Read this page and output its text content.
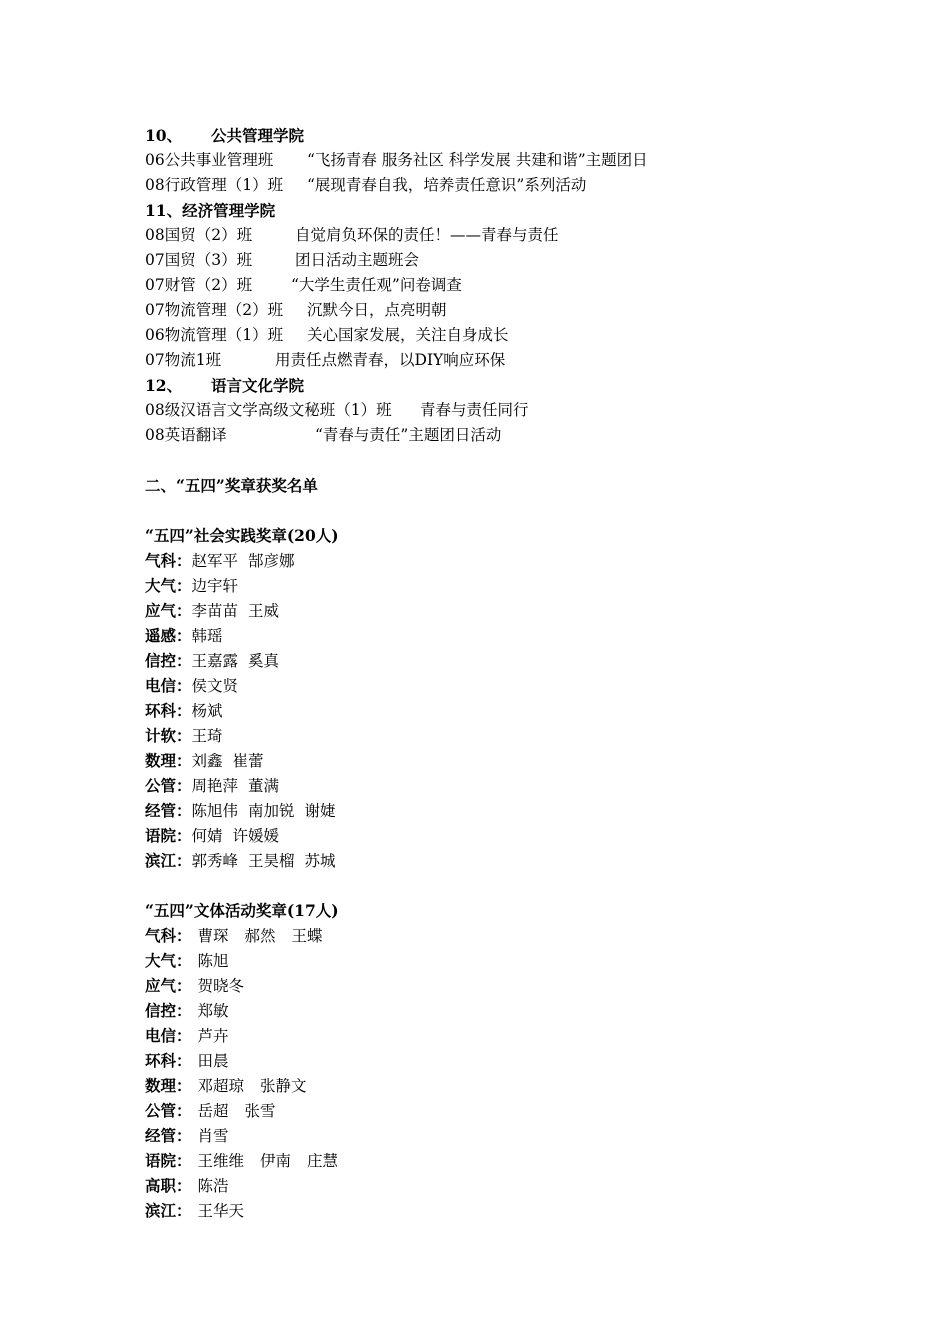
10、 公共管理学院
06公共事业管理班 “飞扬青春 服务社区 科学发展 共建和谐”主题团日
08行政管理（1）班 “展现青春自我，培养责任意识”系列活动
11、经济管理学院
08国贸（2）班	自觉肩负环保的责任！——青春与责任
07国贸（3）班	团日活动主题班会
07财管（2）班	“大学生责任观”问卷调查
07物流管理（2）班 沉默今日，点亮明朝
06物流管理（1）班 关心国家发展，关注自身成长
07物流1班	用责任点燃青春，以DIY响应环保
12、 语言文化学院
08级汉语言文学高级文秘班（1）班 青春与责任同行
08英语翻译	“青春与责任”主题团日活动
二、“五四”奖章获奖名单
“五四”社会实践奖章(20人)
气科：赵军平 郜彦娜
大气：边宇轩
应气：李苗苗 王威
遥感：韩瑶
信控：王嘉露 奚真
电信：侯文贤
环科：杨斌
计软：王琦
数理：刘鑫 崔蕾
公管：周艳萍 董满
经管：陈旭伟 南加锐 谢婕
语院：何婧 许媛媛
滨江：郭秀峰 王昊榴 苏城
“五四”文体活动奖章(17人)
气科： 曹琛 郝然 王蝶
大气： 陈旭
应气： 贺晓冬
信控： 郑敏
电信： 芦卉
环科： 田晨
数理： 邓超琼 张静文
公管： 岳超 张雪
经管： 肖雪
语院： 王维维 伊南 庄慧
高职： 陈浩
滨江： 王华天
